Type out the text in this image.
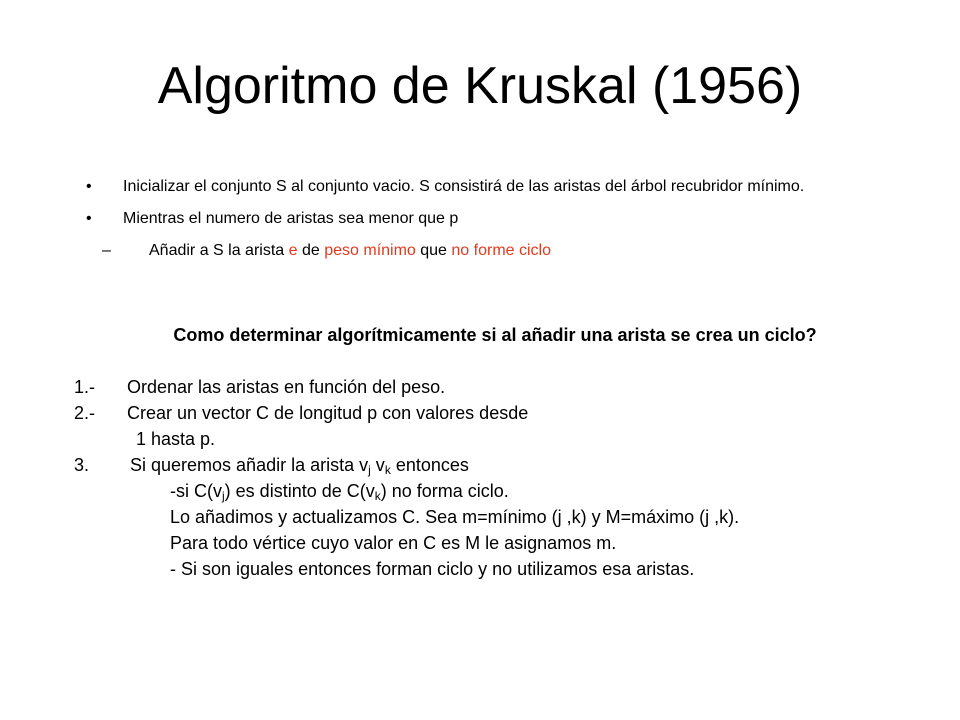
Algoritmo de Kruskal (1956)
• Inicializar el conjunto S al conjunto vacio. S consistirá de las aristas del árbol recubridor mínimo.
• Mientras el numero de aristas sea menor que p
– Añadir a S la arista e de peso mínimo que no forme ciclo
Como determinar algorítmicamente si al añadir una arista se crea un ciclo?
1.- Ordenar las aristas en función del peso.
2.- Crear un vector C de longitud p con valores desde
1 hasta p.
3. Si queremos añadir la arista $v_j$ $v_k$ entonces
-si $C(v_j)$ es distinto de $C(v_k)$ no forma ciclo.
Lo añadimos y actualizamos C. Sea m=mínimo (j ,k) y M=máximo (j ,k).
Para todo vértice cuyo valor en C es M le asignamos m.
- Si son iguales entonces forman ciclo y no utilizamos esa aristas.
